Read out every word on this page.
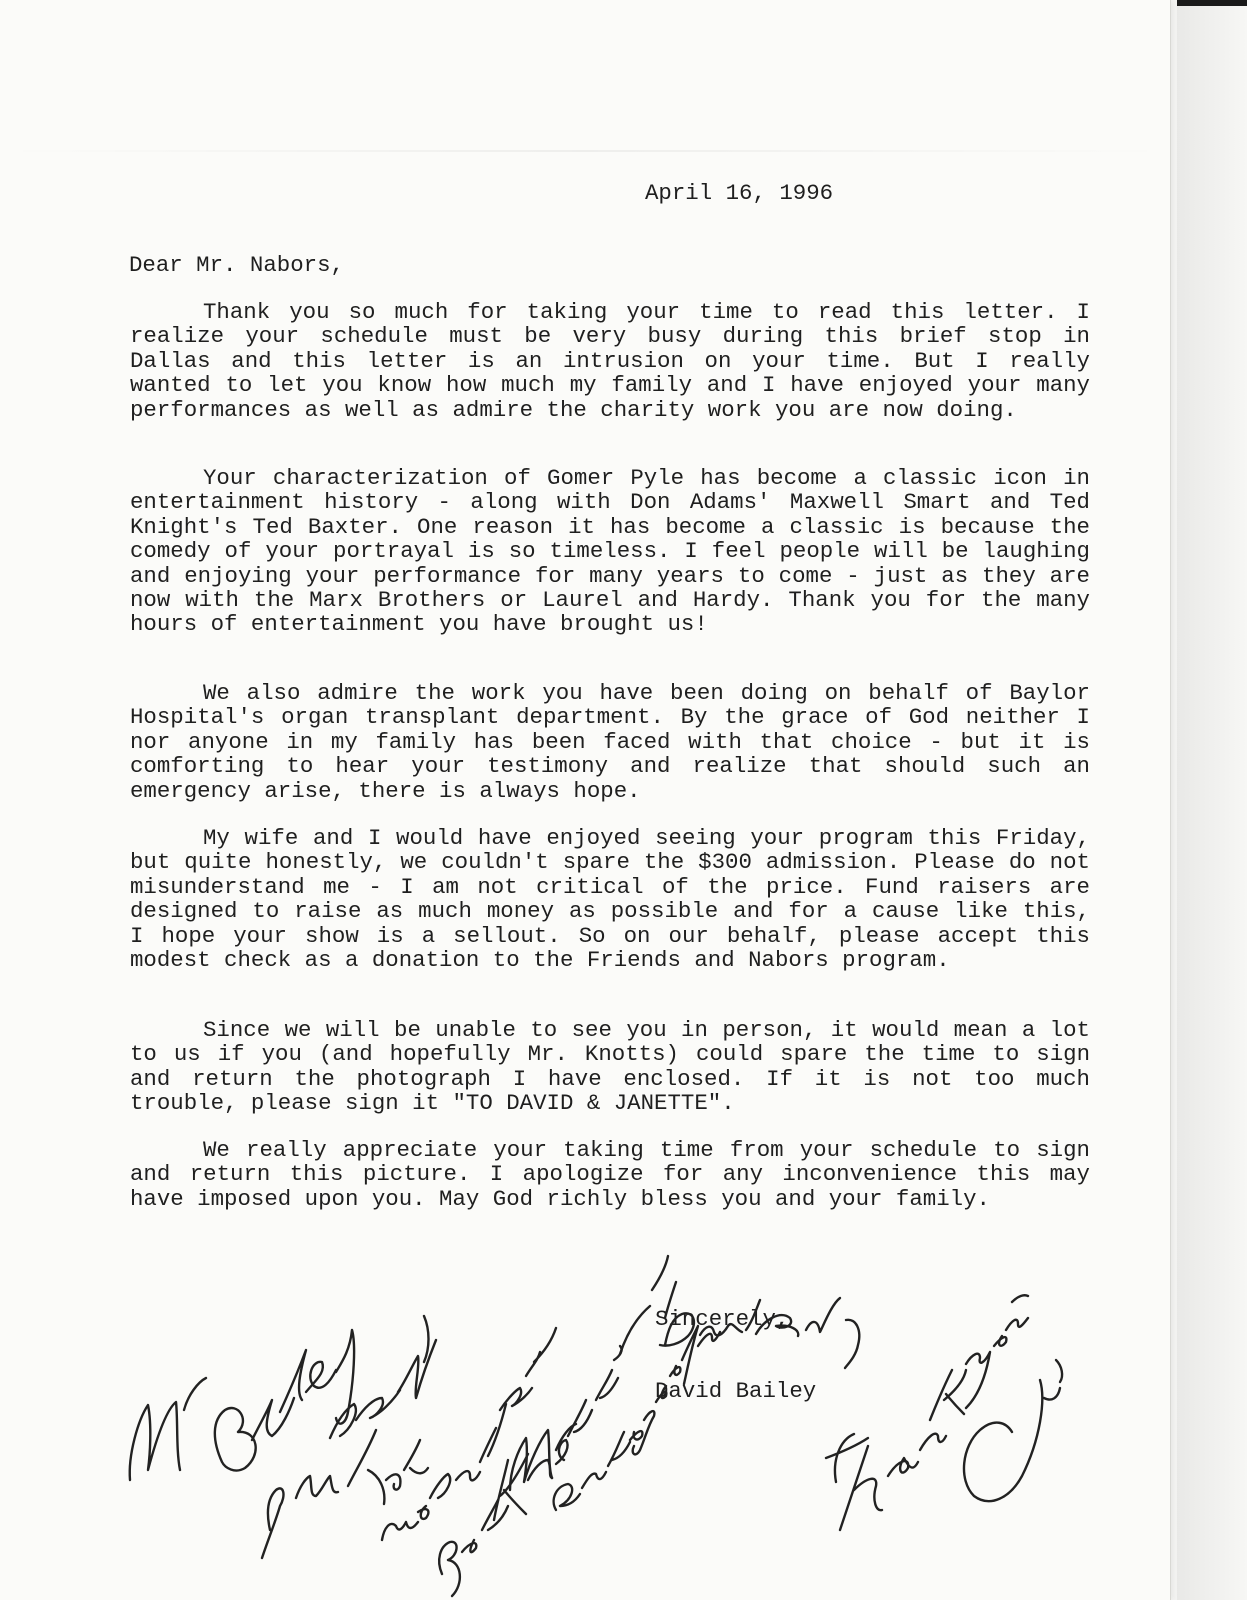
April 16, 1996
Dear Mr. Nabors,
Thank you so much for taking your time to read this letter. I realize your schedule must be very busy during this brief stop in Dallas and this letter is an intrusion on your time. But I really wanted to let you know how much my family and I have enjoyed your many performances as well as admire the charity work you are now doing.
Your characterization of Gomer Pyle has become a classic icon in entertainment history - along with Don Adams' Maxwell Smart and Ted Knight's Ted Baxter. One reason it has become a classic is because the comedy of your portrayal is so timeless. I feel people will be laughing and enjoying your performance for many years to come - just as they are now with the Marx Brothers or Laurel and Hardy. Thank you for the many hours of entertainment you have brought us!
We also admire the work you have been doing on behalf of Baylor Hospital's organ transplant department. By the grace of God neither I nor anyone in my family has been faced with that choice - but it is comforting to hear your testimony and realize that should such an emergency arise, there is always hope.
My wife and I would have enjoyed seeing your program this Friday, but quite honestly, we couldn't spare the $300 admission. Please do not misunderstand me - I am not critical of the price. Fund raisers are designed to raise as much money as possible and for a cause like this, I hope your show is a sellout. So on our behalf, please accept this modest check as a donation to the Friends and Nabors program.
Since we will be unable to see you in person, it would mean a lot to us if you (and hopefully Mr. Knotts) could spare the time to sign and return the photograph I have enclosed. If it is not too much trouble, please sign it "TO DAVID & JANETTE".
We really appreciate your taking time from your schedule to sign and return this picture. I apologize for any inconvenience this may have imposed upon you. May God richly bless you and your family.
Sincerely,
David Bailey
